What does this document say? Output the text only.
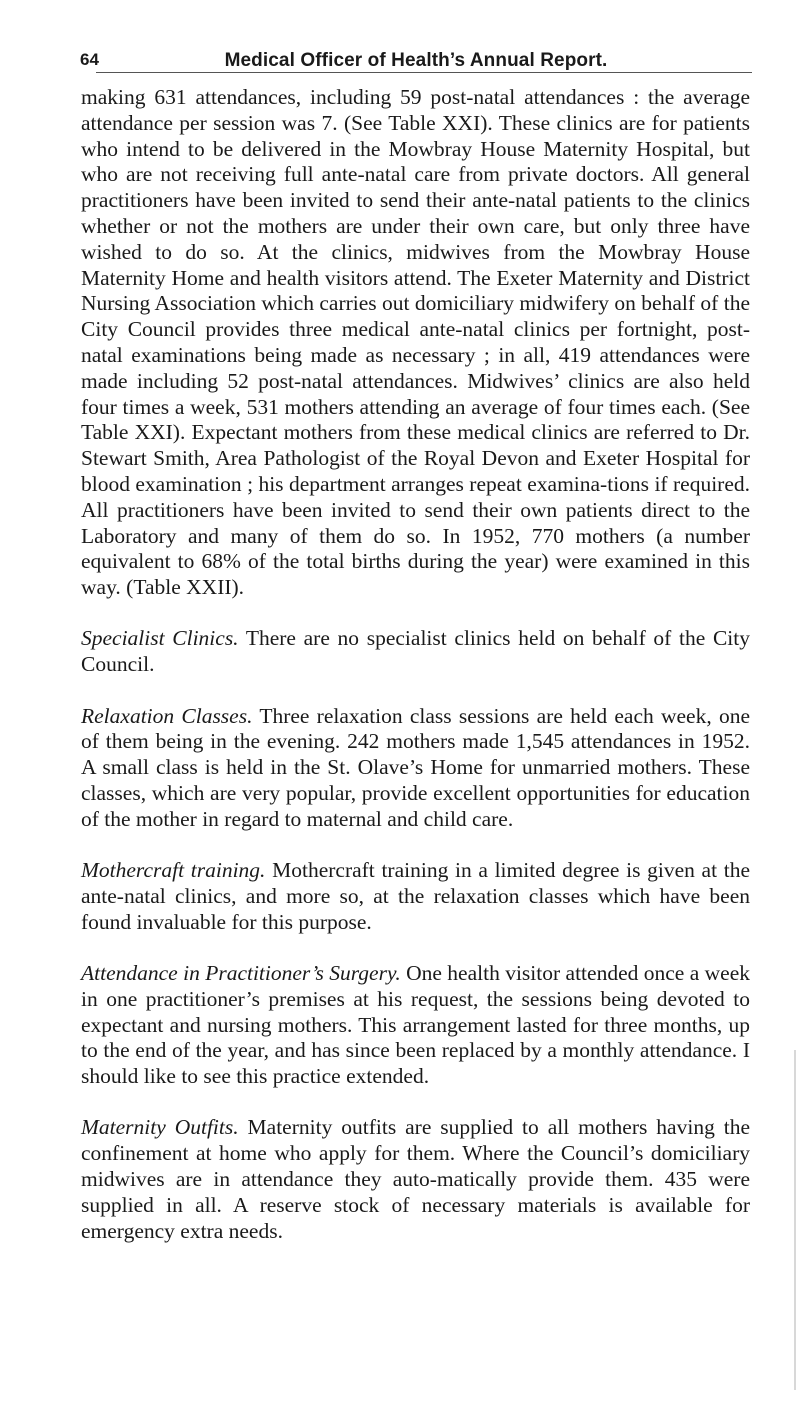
64	Medical Officer of Health’s Annual Report.

making 631 attendances, including 59 post-natal attendances : the average attendance per session was 7. (See Table XXI). These clinics are for patients who intend to be delivered in the Mowbray House Maternity Hospital, but who are not receiving full ante-natal care from private doctors. All general practitioners have been invited to send their ante-natal patients to the clinics whether or not the mothers are under their own care, but only three have wished to do so. At the clinics, midwives from the Mowbray House Maternity Home and health visitors attend. The Exeter Maternity and District Nursing Association which carries out domiciliary midwifery on behalf of the City Council provides three medical ante-natal clinics per fortnight, post-natal examinations being made as necessary ; in all, 419 attendances were made including 52 post-natal attendances. Midwives’ clinics are also held four times a week, 531 mothers attending an average of four times each. (See Table XXI). Expectant mothers from these medical clinics are referred to Dr. Stewart Smith, Area Pathologist of the Royal Devon and Exeter Hospital for blood examination ; his department arranges repeat examina-tions if required. All practitioners have been invited to send their own patients direct to the Laboratory and many of them do so. In 1952, 770 mothers (a number equivalent to 68% of the total births during the year) were examined in this way. (Table XXII).

Specialist Clinics. There are no specialist clinics held on behalf of the City Council.

Relaxation Classes. Three relaxation class sessions are held each week, one of them being in the evening. 242 mothers made 1,545 attendances in 1952. A small class is held in the St. Olave’s Home for unmarried mothers. These classes, which are very popular, provide excellent opportunities for education of the mother in regard to maternal and child care.

Mothercraft training. Mothercraft training in a limited degree is given at the ante-natal clinics, and more so, at the relaxation classes which have been found invaluable for this purpose.

Attendance in Practitioner’s Surgery. One health visitor attended once a week in one practitioner’s premises at his request, the sessions being devoted to expectant and nursing mothers. This arrangement lasted for three months, up to the end of the year, and has since been replaced by a monthly attendance. I should like to see this practice extended.

Maternity Outfits. Maternity outfits are supplied to all mothers having the confinement at home who apply for them. Where the Council’s domiciliary midwives are in attendance they auto-matically provide them. 435 were supplied in all. A reserve stock of necessary materials is available for emergency extra needs.
